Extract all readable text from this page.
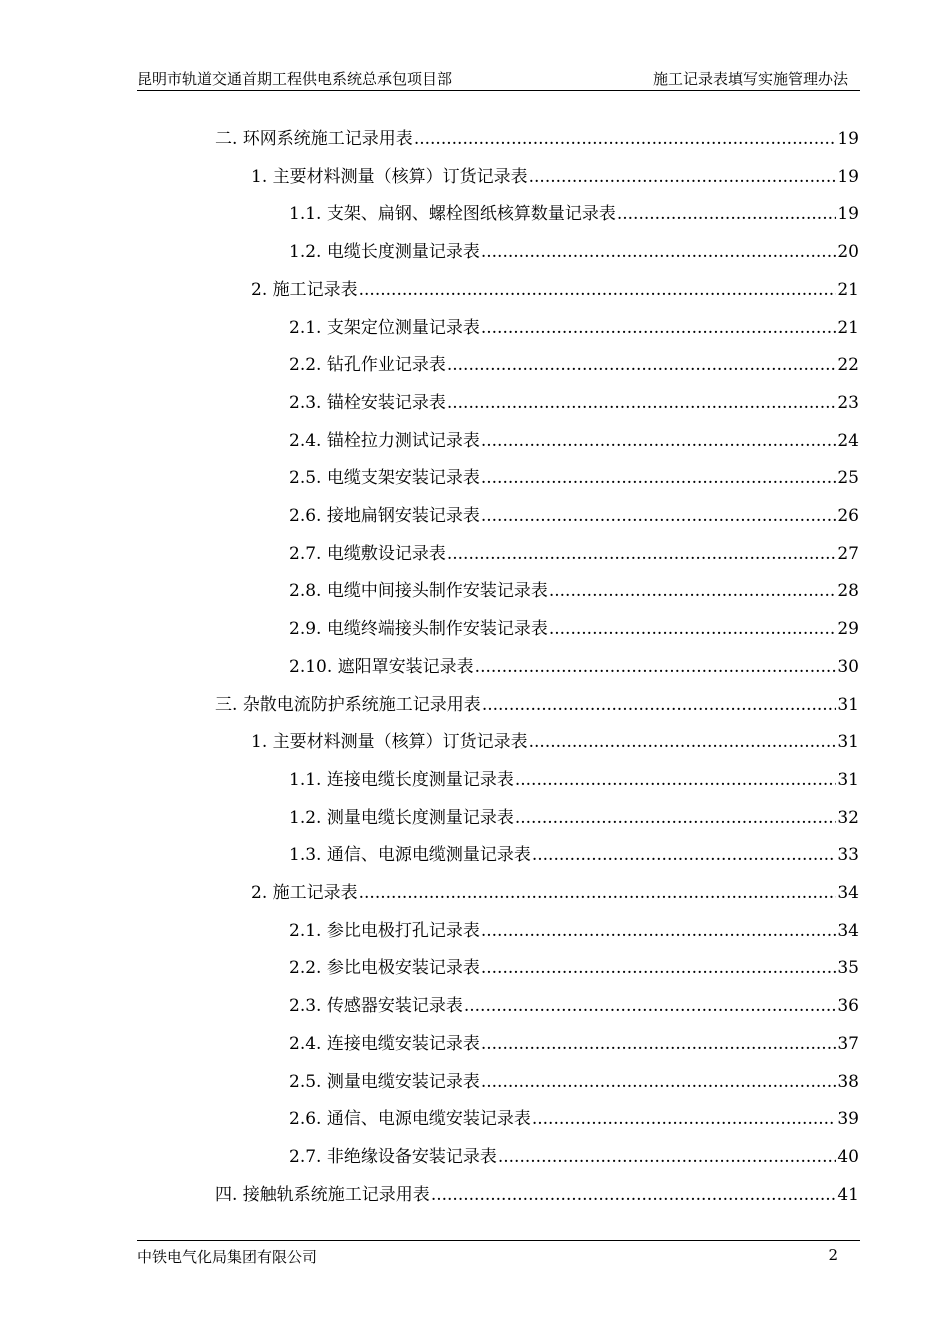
昆明市轨道交通首期工程供电系统总承包项目部	施工记录表填写实施管理办法
二. 环网系统施工记录用表 .....	19
1. 主要材料测量（核算）订货记录表 .....	19
1.1. 支架、扁钢、螺栓图纸核算数量记录表 .....	19
1.2. 电缆长度测量记录表 .....	20
2. 施工记录表 .....	21
2.1. 支架定位测量记录表 .....	21
2.2. 钻孔作业记录表 .....	22
2.3. 锚栓安装记录表 .....	23
2.4. 锚栓拉力测试记录表 .....	24
2.5. 电缆支架安装记录表 .....	25
2.6. 接地扁钢安装记录表 .....	26
2.7. 电缆敷设记录表 .....	27
2.8. 电缆中间接头制作安装记录表 .....	28
2.9. 电缆终端接头制作安装记录表 .....	29
2.10. 遮阳罩安装记录表 .....	30
三. 杂散电流防护系统施工记录用表 .....	31
1. 主要材料测量（核算）订货记录表 .....	31
1.1. 连接电缆长度测量记录表 .....	31
1.2. 测量电缆长度测量记录表 .....	32
1.3. 通信、电源电缆测量记录表 .....	33
2. 施工记录表 .....	34
2.1. 参比电极打孔记录表 .....	34
2.2. 参比电极安装记录表 .....	35
2.3. 传感器安装记录表 .....	36
2.4. 连接电缆安装记录表 .....	37
2.5. 测量电缆安装记录表 .....	38
2.6. 通信、电源电缆安装记录表 .....	39
2.7. 非绝缘设备安装记录表 .....	40
四. 接触轨系统施工记录用表 .....	41
中铁电气化局集团有限公司	2
